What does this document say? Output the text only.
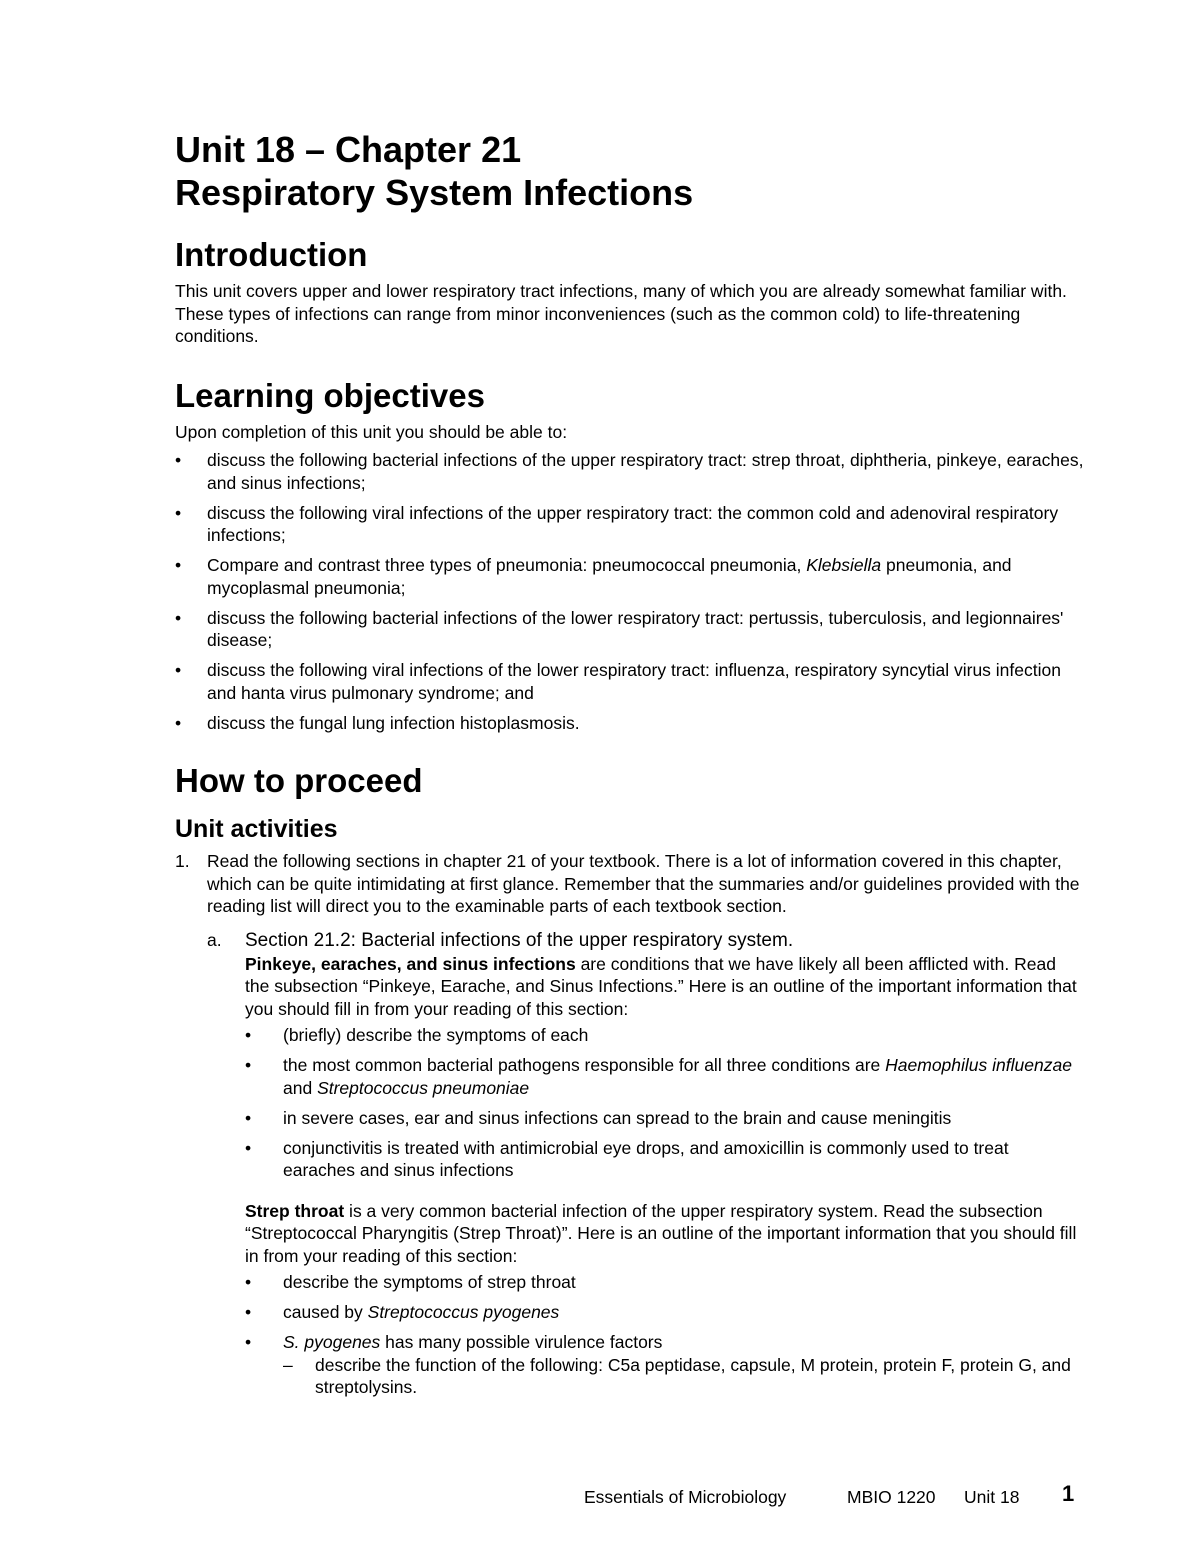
Unit 18 – Chapter 21
Respiratory System Infections
Introduction

This unit covers upper and lower respiratory tract infections, many of which you are already somewhat familiar with. These types of infections can range from minor inconveniences (such as the common cold) to life-threatening conditions.

Learning objectives

Upon completion of this unit you should be able to:

•	discuss the following bacterial infections of the upper respiratory tract: strep throat, diphtheria, pinkeye, earaches, and sinus infections;
•	discuss the following viral infections of the upper respiratory tract: the common cold and adenoviral respiratory infections;
•	Compare and contrast three types of pneumonia: pneumococcal pneumonia, Klebsiella pneumonia, and mycoplasmal pneumonia;
•	discuss the following bacterial infections of the lower respiratory tract: pertussis, tuberculosis, and legionnaires' disease;
•	discuss the following viral infections of the lower respiratory tract: influenza, respiratory syncytial virus infection and hanta virus pulmonary syndrome; and
•	discuss the fungal lung infection histoplasmosis.
How to proceed
Unit activities
1. Read the following sections in chapter 21 of your textbook. There is a lot of information covered in this chapter, which can be quite intimidating at first glance. Remember that the summaries and/or guidelines provided with the reading list will direct you to the examinable parts of each textbook section.
a. Section 21.2: Bacterial infections of the upper respiratory system.

Pinkeye, earaches, and sinus infections are conditions that we have likely all been afflicted with. Read the subsection “Pinkeye, Earache, and Sinus Infections.” Here is an outline of the important information that you should fill in from your reading of this section:

•	(briefly) describe the symptoms of each
•	the most common bacterial pathogens responsible for all three conditions are Haemophilus influenzae and Streptococcus pneumoniae
•	in severe cases, ear and sinus infections can spread to the brain and cause meningitis
•	conjunctivitis is treated with antimicrobial eye drops, and amoxicillin is commonly used to treat earaches and sinus infections

Strep throat is a very common bacterial infection of the upper respiratory system. Read the subsection “Streptococcal Pharyngitis (Strep Throat)”. Here is an outline of the important information that you should fill in from your reading of this section:

•	describe the symptoms of strep throat
•	caused by Streptococcus pyogenes
•	S. pyogenes has many possible virulence factors
– describe the function of the following: C5a peptidase, capsule, M protein, protein F, protein G, and streptolysins.
Essentials of Microbiology	MBIO 1220 Unit 18 1
